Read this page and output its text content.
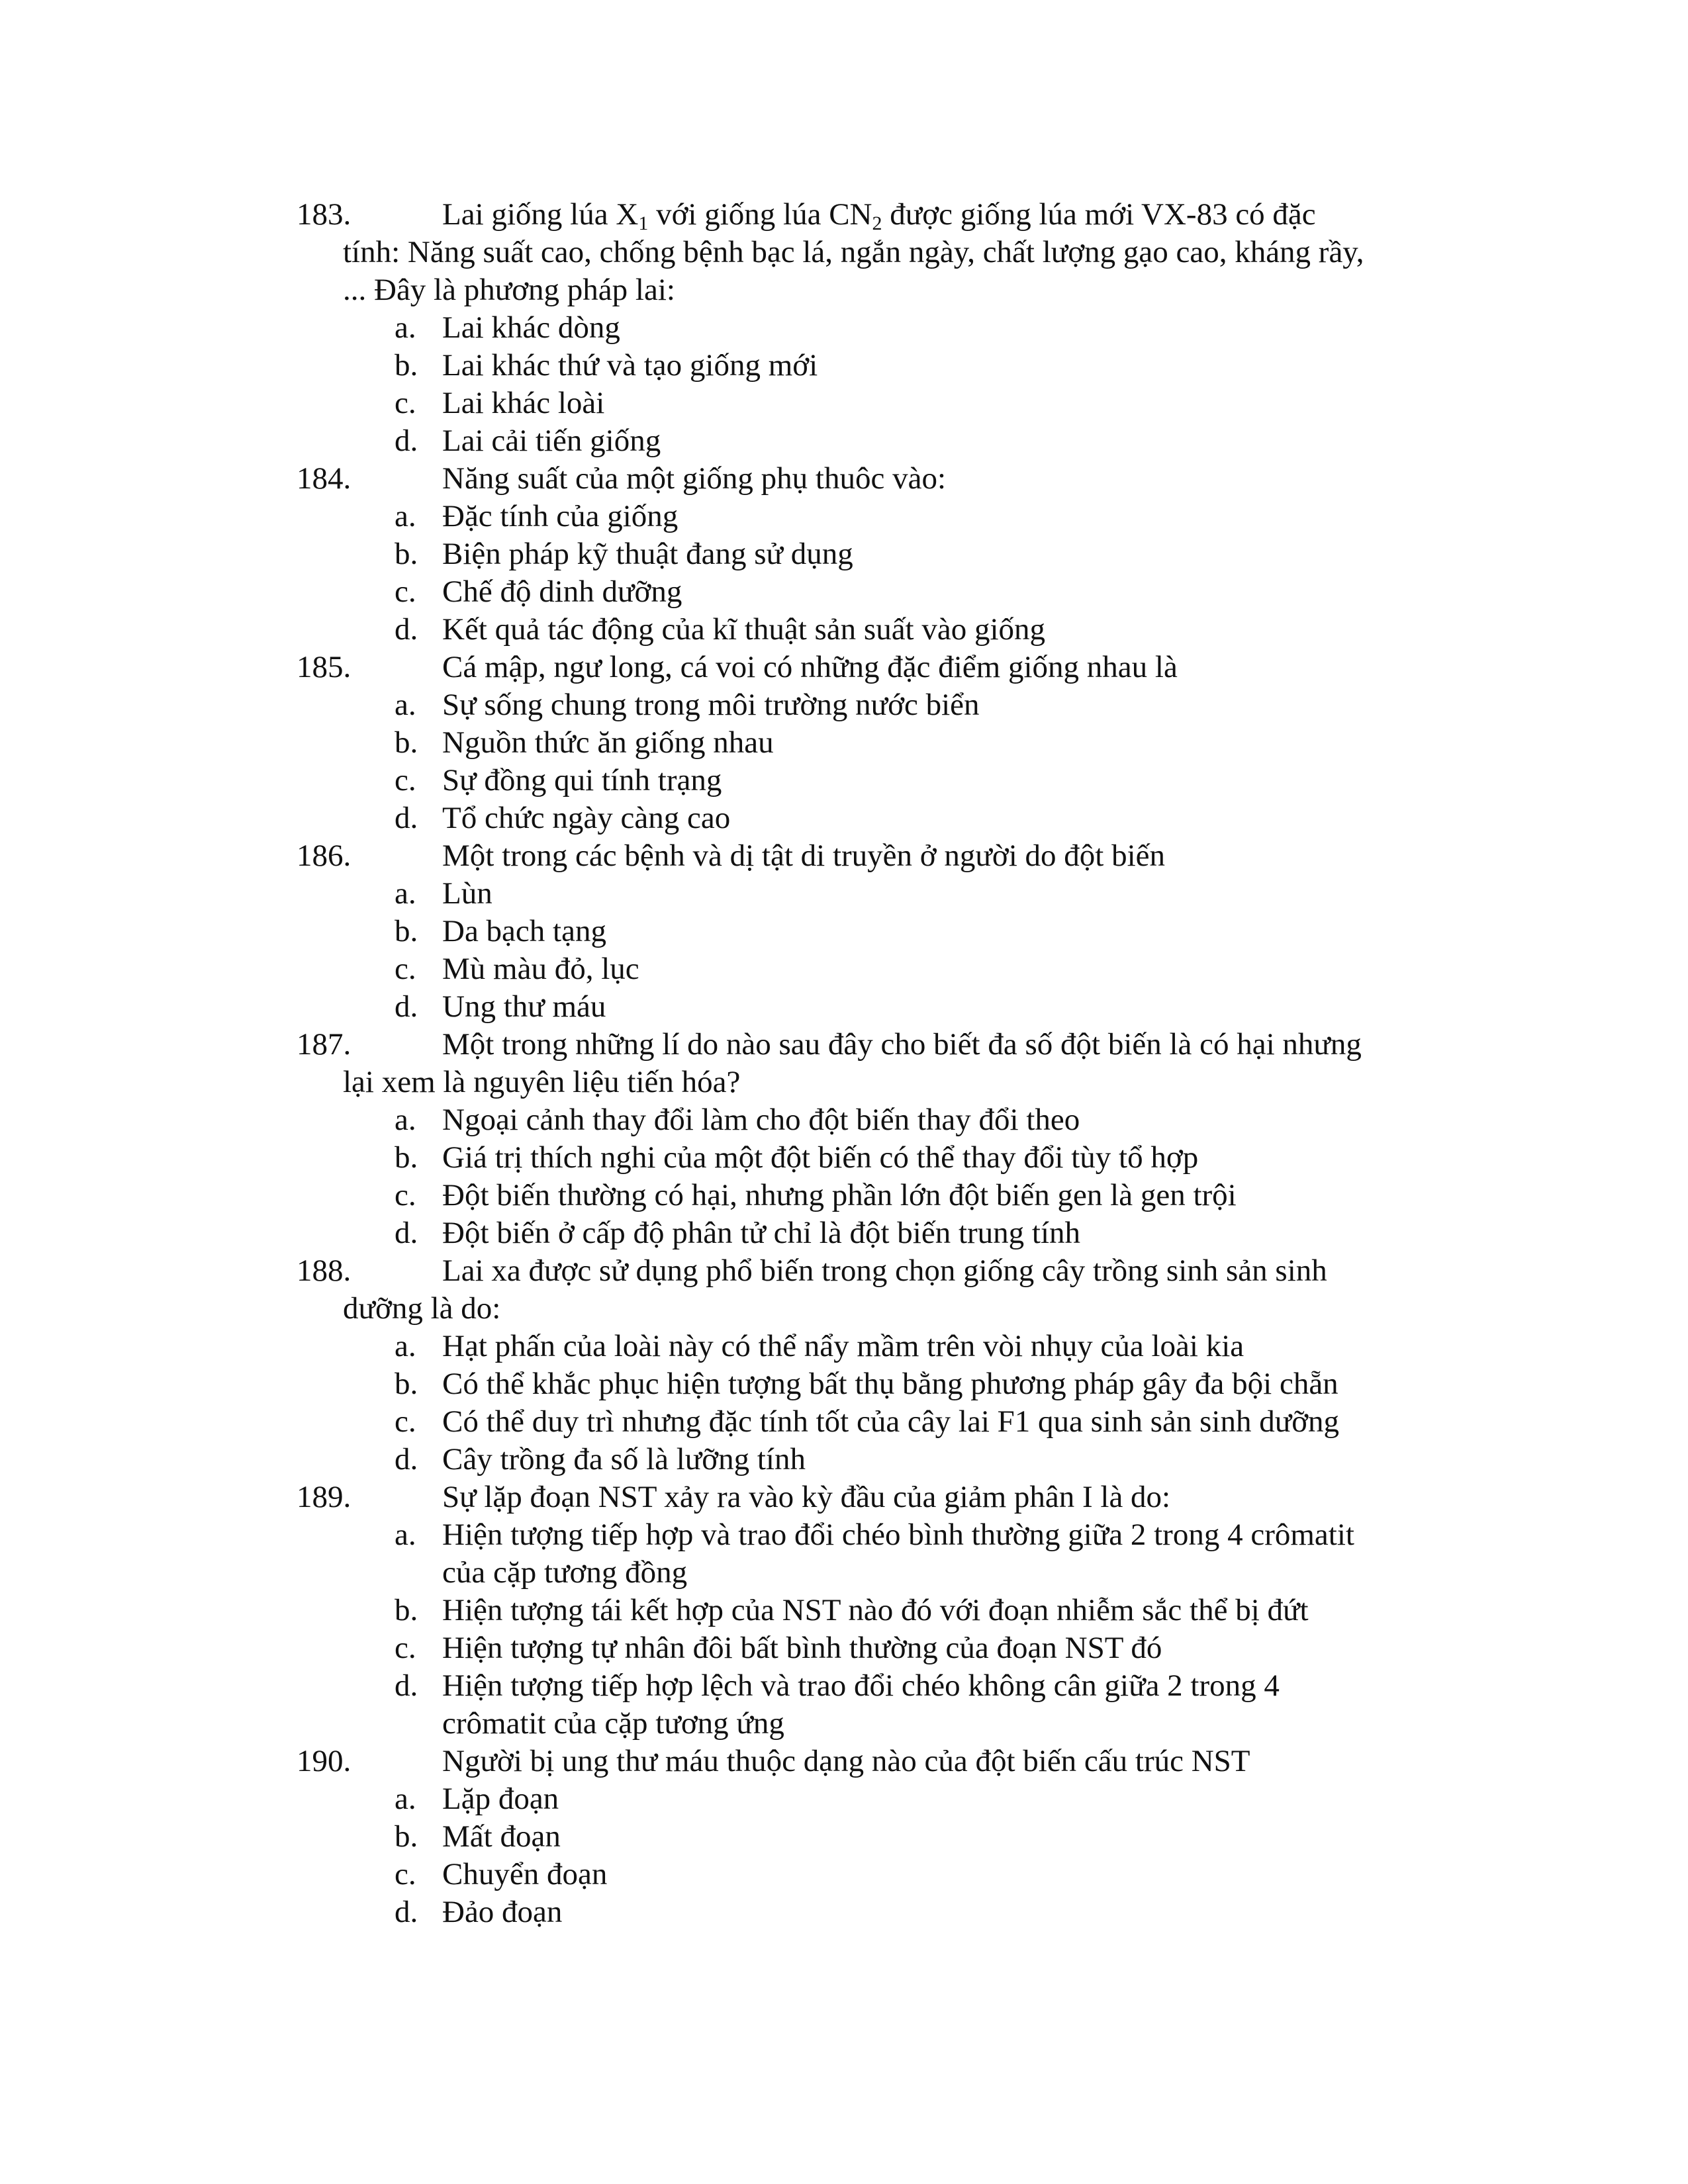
183.	Lai giống lúa $X_1$ với giống lúa $CN_2$ được giống lúa mới VX-83 có đặc
tính: Năng suất cao, chống bệnh bạc lá, ngắn ngày, chất lượng gạo cao, kháng rầy,
... Đây là phương pháp lai:
a. Lai khác dòng
b. Lai khác thứ và tạo giống mới
c. Lai khác loài
d. Lai cải tiến giống
184.	Năng suất của một giống phụ thuôc vào:
a. Đặc tính của giống
b. Biện pháp kỹ thuật đang sử dụng
c. Chế độ dinh dưỡng
d. Kết quả tác động của kĩ thuật sản suất vào giống
185.	Cá mập, ngư long, cá voi có những đặc điểm giống nhau là
a. Sự sống chung trong môi trường nước biển
b. Nguồn thức ăn giống nhau
c. Sự đồng qui tính trạng
d. Tổ chức ngày càng cao
186.	Một trong các bệnh và dị tật di truyền ở người do đột biến
a. Lùn
b. Da bạch tạng
c. Mù màu đỏ, lục
d. Ung thư máu
187.	Một trong những lí do nào sau đây cho biết đa số đột biến là có hại nhưng
lại xem là nguyên liệu tiến hóa?
a. Ngoại cảnh thay đổi làm cho đột biến thay đổi theo
b. Giá trị thích nghi của một đột biến có thể thay đổi tùy tổ hợp
c. Đột biến thường có hại, nhưng phần lớn đột biến gen là gen trội
d. Đột biến ở cấp độ phân tử chỉ là đột biến trung tính
188.	Lai xa được sử dụng phổ biến trong chọn giống cây trồng sinh sản sinh
dưỡng là do:
a. Hạt phấn của loài này có thể nẩy mầm trên vòi nhụy của loài kia
b. Có thể khắc phục hiện tượng bất thụ bằng phương pháp gây đa bội chẵn
c. Có thể duy trì nhưng đặc tính tốt của cây lai F1 qua sinh sản sinh dưỡng
d. Cây trồng đa số là lưỡng tính
189.	Sự lặp đoạn NST xảy ra vào kỳ đầu của giảm phân I là do:
a. Hiện tượng tiếp hợp và trao đổi chéo bình thường giữa 2 trong 4 crômatit
của cặp tương đồng
b. Hiện tượng tái kết hợp của NST nào đó với đoạn nhiễm sắc thể bị đứt
c. Hiện tượng tự nhân đôi bất bình thường của đoạn NST đó
d. Hiện tượng tiếp hợp lệch và trao đổi chéo không cân giữa 2 trong 4
crômatit của cặp tương ứng
190.	Người bị ung thư máu thuộc dạng nào của đột biến cấu trúc NST
a. Lặp đoạn
b. Mất đoạn
c. Chuyển đoạn
d. Đảo đoạn
